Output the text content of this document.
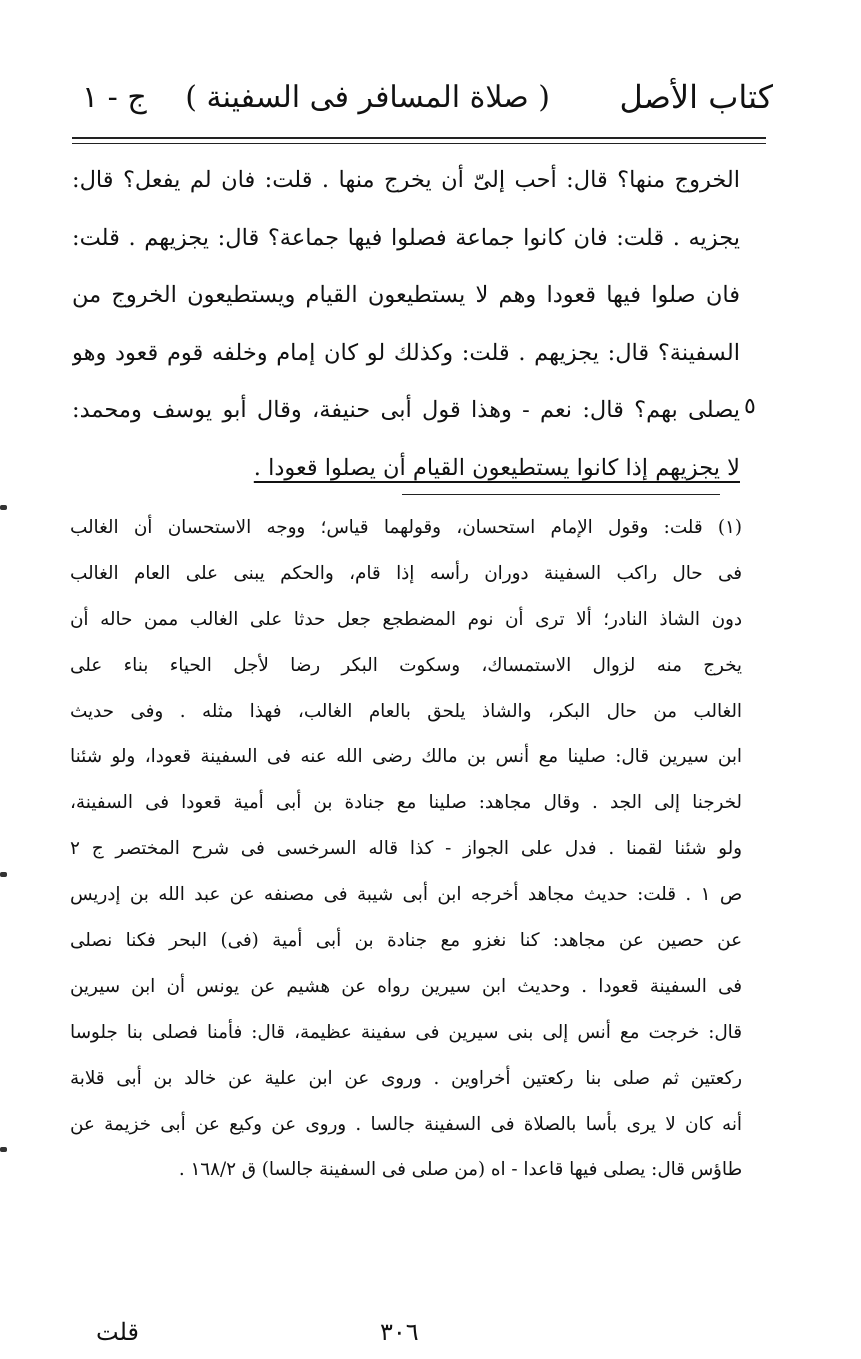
كتاب الأصل
( صلاة المسافر فى السفينة )
ج - ١
الخروج منها؟ قال: أحب إلىّ أن يخرج منها . قلت: فان لم يفعل؟ قال:
يجزيه . قلت: فان كانوا جماعة فصلوا فيها جماعة؟ قال: يجزيهم . قلت:
فان صلوا فيها قعودا وهم لا يستطيعون القيام ويستطيعون الخروج من
السفينة؟ قال: يجزيهم . قلت: وكذلك لو كان إمام وخلفه قوم قعود وهو
يصلى بهم؟ قال: نعم - وهذا قول أبى حنيفة، وقال أبو يوسف ومحمد:
لا يجزيهم إذا كانوا يستطيعون القيام أن يصلوا قعودا .
٥
(١) قلت: وقول الإمام استحسان، وقولهما قياس؛ ووجه الاستحسان أن الغالب
فى حال راكب السفينة دوران رأسه إذا قام، والحكم يبنى على العام الغالب
دون الشاذ النادر؛ ألا ترى أن نوم المضطجع جعل حدثا على الغالب ممن حاله أن
يخرج منه لزوال الاستمساك، وسكوت البكر رضا لأجل الحياء بناء على
الغالب من حال البكر، والشاذ يلحق بالعام الغالب، فهذا مثله . وفى حديث
ابن سيرين قال: صلينا مع أنس بن مالك رضى الله عنه فى السفينة قعودا، ولو شئنا
لخرجنا إلى الجد . وقال مجاهد: صلينا مع جنادة بن أبى أمية قعودا فى السفينة،
ولو شئنا لقمنا . فدل على الجواز - كذا قاله السرخسى فى شرح المختصر ج ٢
ص ١ . قلت: حديث مجاهد أخرجه ابن أبى شيبة فى مصنفه عن عبد الله بن إدريس
عن حصين عن مجاهد: كنا نغزو مع جنادة بن أبى أمية (فى) البحر فكنا نصلى
فى السفينة قعودا . وحديث ابن سيرين رواه عن هشيم عن يونس أن ابن سيرين
قال: خرجت مع أنس إلى بنى سيرين فى سفينة عظيمة، قال: فأمنا فصلى بنا جلوسا
ركعتين ثم صلى بنا ركعتين أخراوين . وروى عن ابن علية عن خالد بن أبى قلابة
أنه كان لا يرى بأسا بالصلاة فى السفينة جالسا . وروى عن وكيع عن أبى خزيمة عن
طاؤس قال: يصلى فيها قاعدا - اه (من صلى فى السفينة جالسا) ق ١٦٨/٢ .
٣٠٦
قلت
